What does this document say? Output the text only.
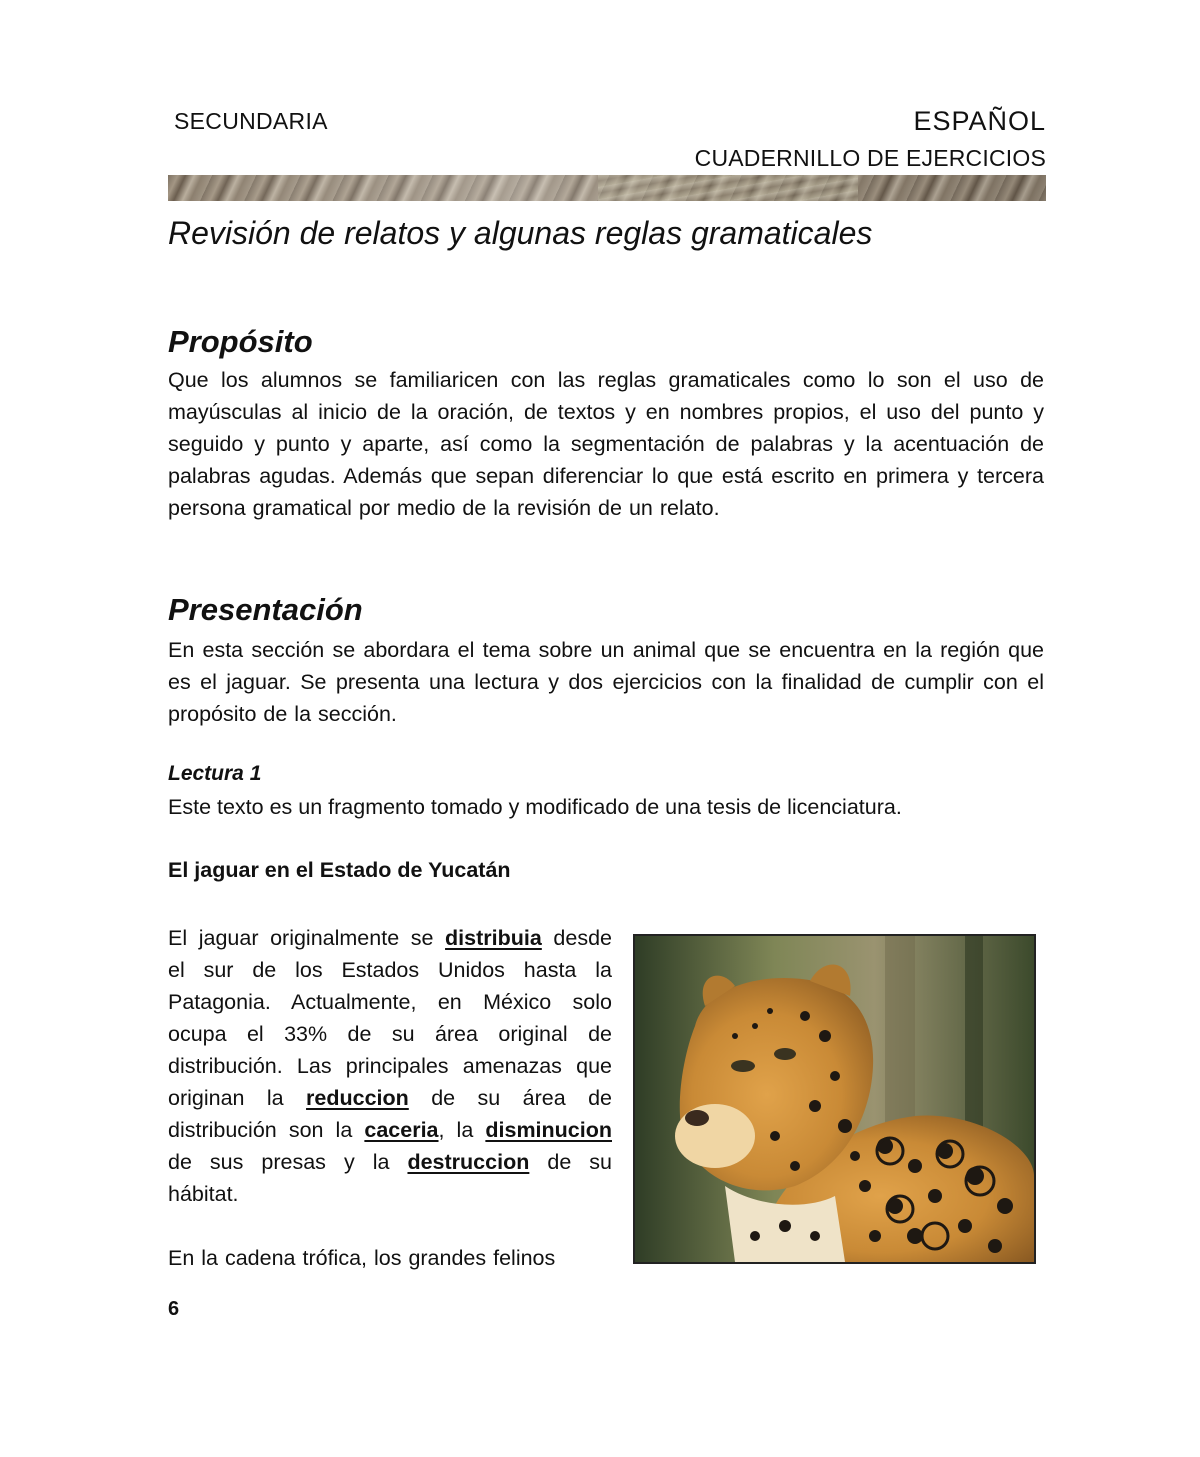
SECUNDARIA	ESPAÑOL
CUADERNILLO DE EJERCICIOS
Revisión de relatos y algunas reglas gramaticales
Propósito

Que los alumnos se familiaricen con las reglas gramaticales como lo son el uso de mayúsculas al inicio de la oración, de textos y en nombres propios, el uso del punto y seguido y punto y aparte, así como la segmentación de palabras y la acentuación de palabras agudas. Además que sepan diferenciar lo que está escrito en primera y tercera persona gramatical por medio de la revisión de un relato.

Presentación

En esta sección se abordara el tema sobre un animal que se encuentra en la región que es el jaguar. Se presenta una lectura y dos ejercicios con la finalidad de cumplir con el propósito de la sección.

Lectura 1
Este texto es un fragmento tomado y modificado de una tesis de licenciatura.
El jaguar en el Estado de Yucatán

El jaguar originalmente se distribuia desde el sur de los Estados Unidos hasta la Patagonia. Actualmente, en México solo ocupa el 33% de su área original de distribución. Las principales amenazas que originan la reduccion de su área de distribución son la caceria, la disminucion de sus presas y la destruccion de su hábitat.

En la cadena trófica, los grandes felinos

6
